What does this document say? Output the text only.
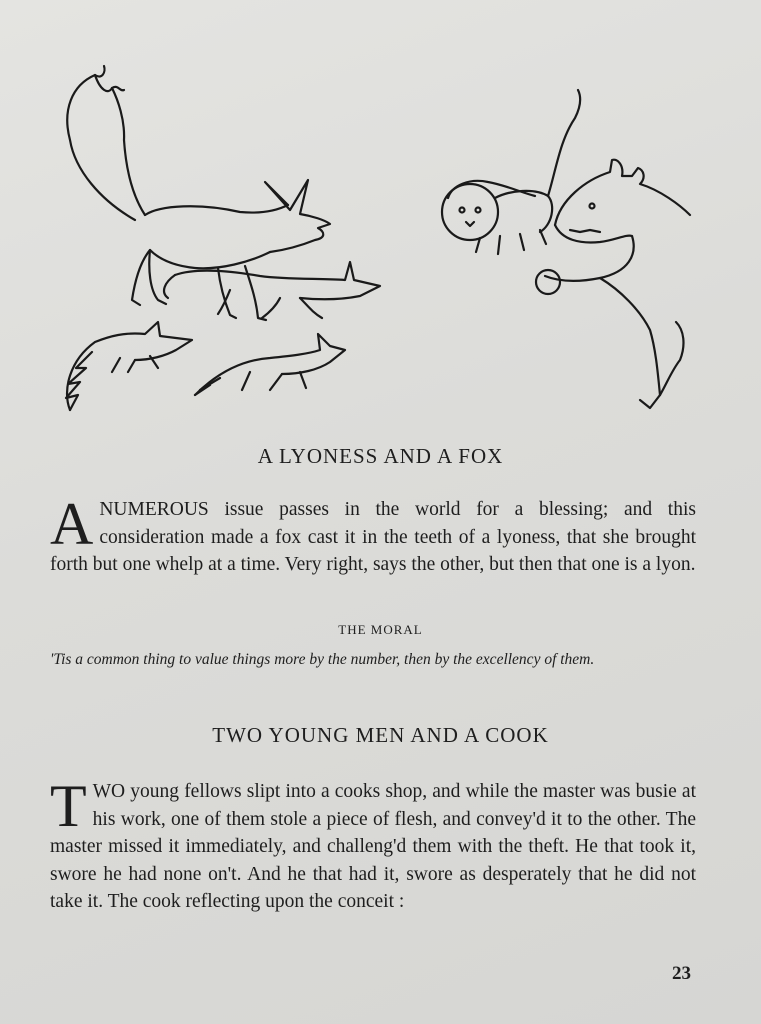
A LYONESS AND A FOX

ANUMEROUS issue passes in the world for a blessing; and this consideration made a fox cast it in the teeth of a lyoness, that she brought forth but one whelp at a time. Very right, says the other, but then that one is a lyon.

THE MORAL

'Tis a common thing to value things more by the number, then by the excellency of them.

TWO YOUNG MEN AND A COOK

TWO young fellows slipt into a cooks shop, and while the master was busie at his work, one of them stole a piece of flesh, and convey'd it to the other. The master missed it immediately, and challeng'd them with the theft. He that took it, swore he had none on't. And he that had it, swore as desperately that he did not take it. The cook reflecting upon the conceit :

23
